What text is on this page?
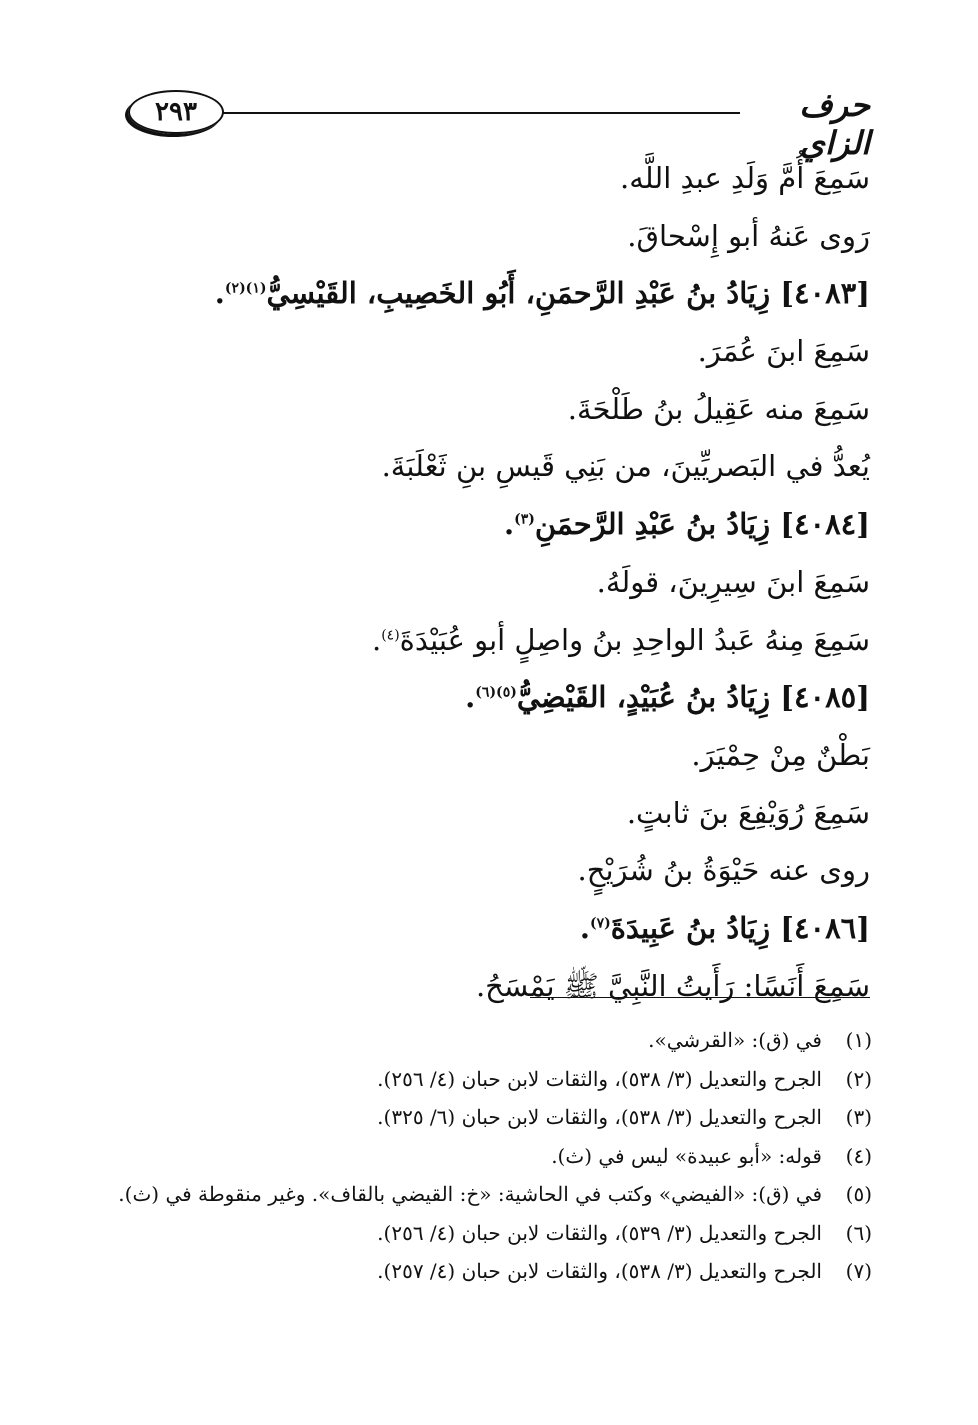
٢٩٣	حرف الزاي
سَمِعَ أُمَّ وَلَدِ عبدِ اللَّه.
رَوى عَنهُ أبو إِسْحاقَ.
[٤٠٨٣] زِيَادُ بنُ عَبْدِ الرَّحمَنِ، أَبُو الخَصِيبِ، القَيْسِيُّ$^{(١)(٢)}$.
سَمِعَ ابنَ عُمَرَ.
سَمِعَ منه عَقِيلُ بنُ طَلْحَةَ.
يُعدُّ في البَصريِّينَ، من بَنِي قَيسِ بنِ ثَعْلَبَةَ.
[٤٠٨٤] زِيَادُ بنُ عَبْدِ الرَّحمَنِ$^{(٣)}$.
سَمِعَ ابنَ سِيرِينَ، قولَهُ.
سَمِعَ مِنهُ عَبدُ الواحِدِ بنُ واصِلٍ أبو عُبَيْدَةَ$^{(٤)}$.
[٤٠٨٥] زِيَادُ بنُ عُبَيْدٍ، القَيْضِيُّ$^{(٥)(٦)}$.
بَطْنٌ مِنْ حِمْيَرَ.
سَمِعَ رُوَيْفِعَ بنَ ثابتٍ.
روى عنه حَيْوَةُ بنُ شُرَيْحٍ.
[٤٠٨٦] زِيَادُ بنُ عَبِيدَةَ$^{(٧)}$.
سَمِعَ أَنَسًا: رَأَيتُ النَّبِيَّ ﷺ يَمْسَحُ.
(١)في (ق): «القرشي».
(٢)الجرح والتعديل (٣/ ٥٣٨)، والثقات لابن حبان (٤/ ٢٥٦).
(٣)الجرح والتعديل (٣/ ٥٣٨)، والثقات لابن حبان (٦/ ٣٢٥).
(٤)قوله: «أبو عبيدة» ليس في (ث).
(٥)في (ق): «الفيضي» وكتب في الحاشية: «خ: القيضي بالقاف». وغير منقوطة في (ث).
(٦)الجرح والتعديل (٣/ ٥٣٩)، والثقات لابن حبان (٤/ ٢٥٦).
(٧)الجرح والتعديل (٣/ ٥٣٨)، والثقات لابن حبان (٤/ ٢٥٧).
